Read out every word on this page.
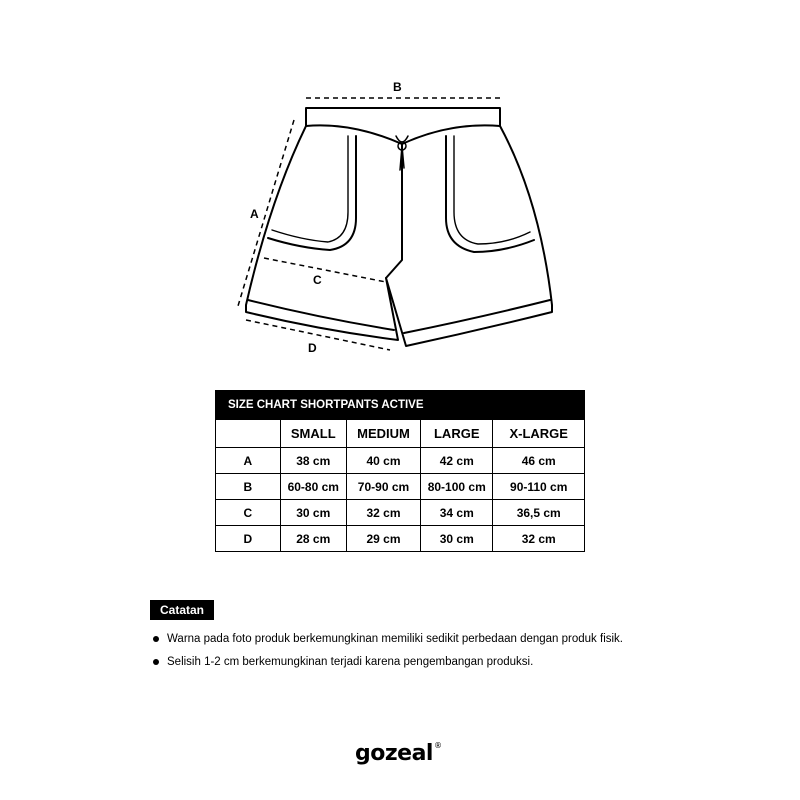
B
A
C
D
SIZE CHART SHORTPANTS ACTIVE				
	SMALL	MEDIUM	LARGE	X-LARGE
A	38 cm	40 cm	42 cm	46 cm
B	60-80 cm	70-90 cm	80-100 cm	90-110 cm
C	30 cm	32 cm	34 cm	36,5 cm
D	28 cm	29 cm	30 cm	32 cm
Catatan
Warna pada foto produk berkemungkinan memiliki sedikit perbedaan dengan produk fisik.
Selisih 1-2 cm berkemungkinan terjadi karena pengembangan produksi.
gozeal®
